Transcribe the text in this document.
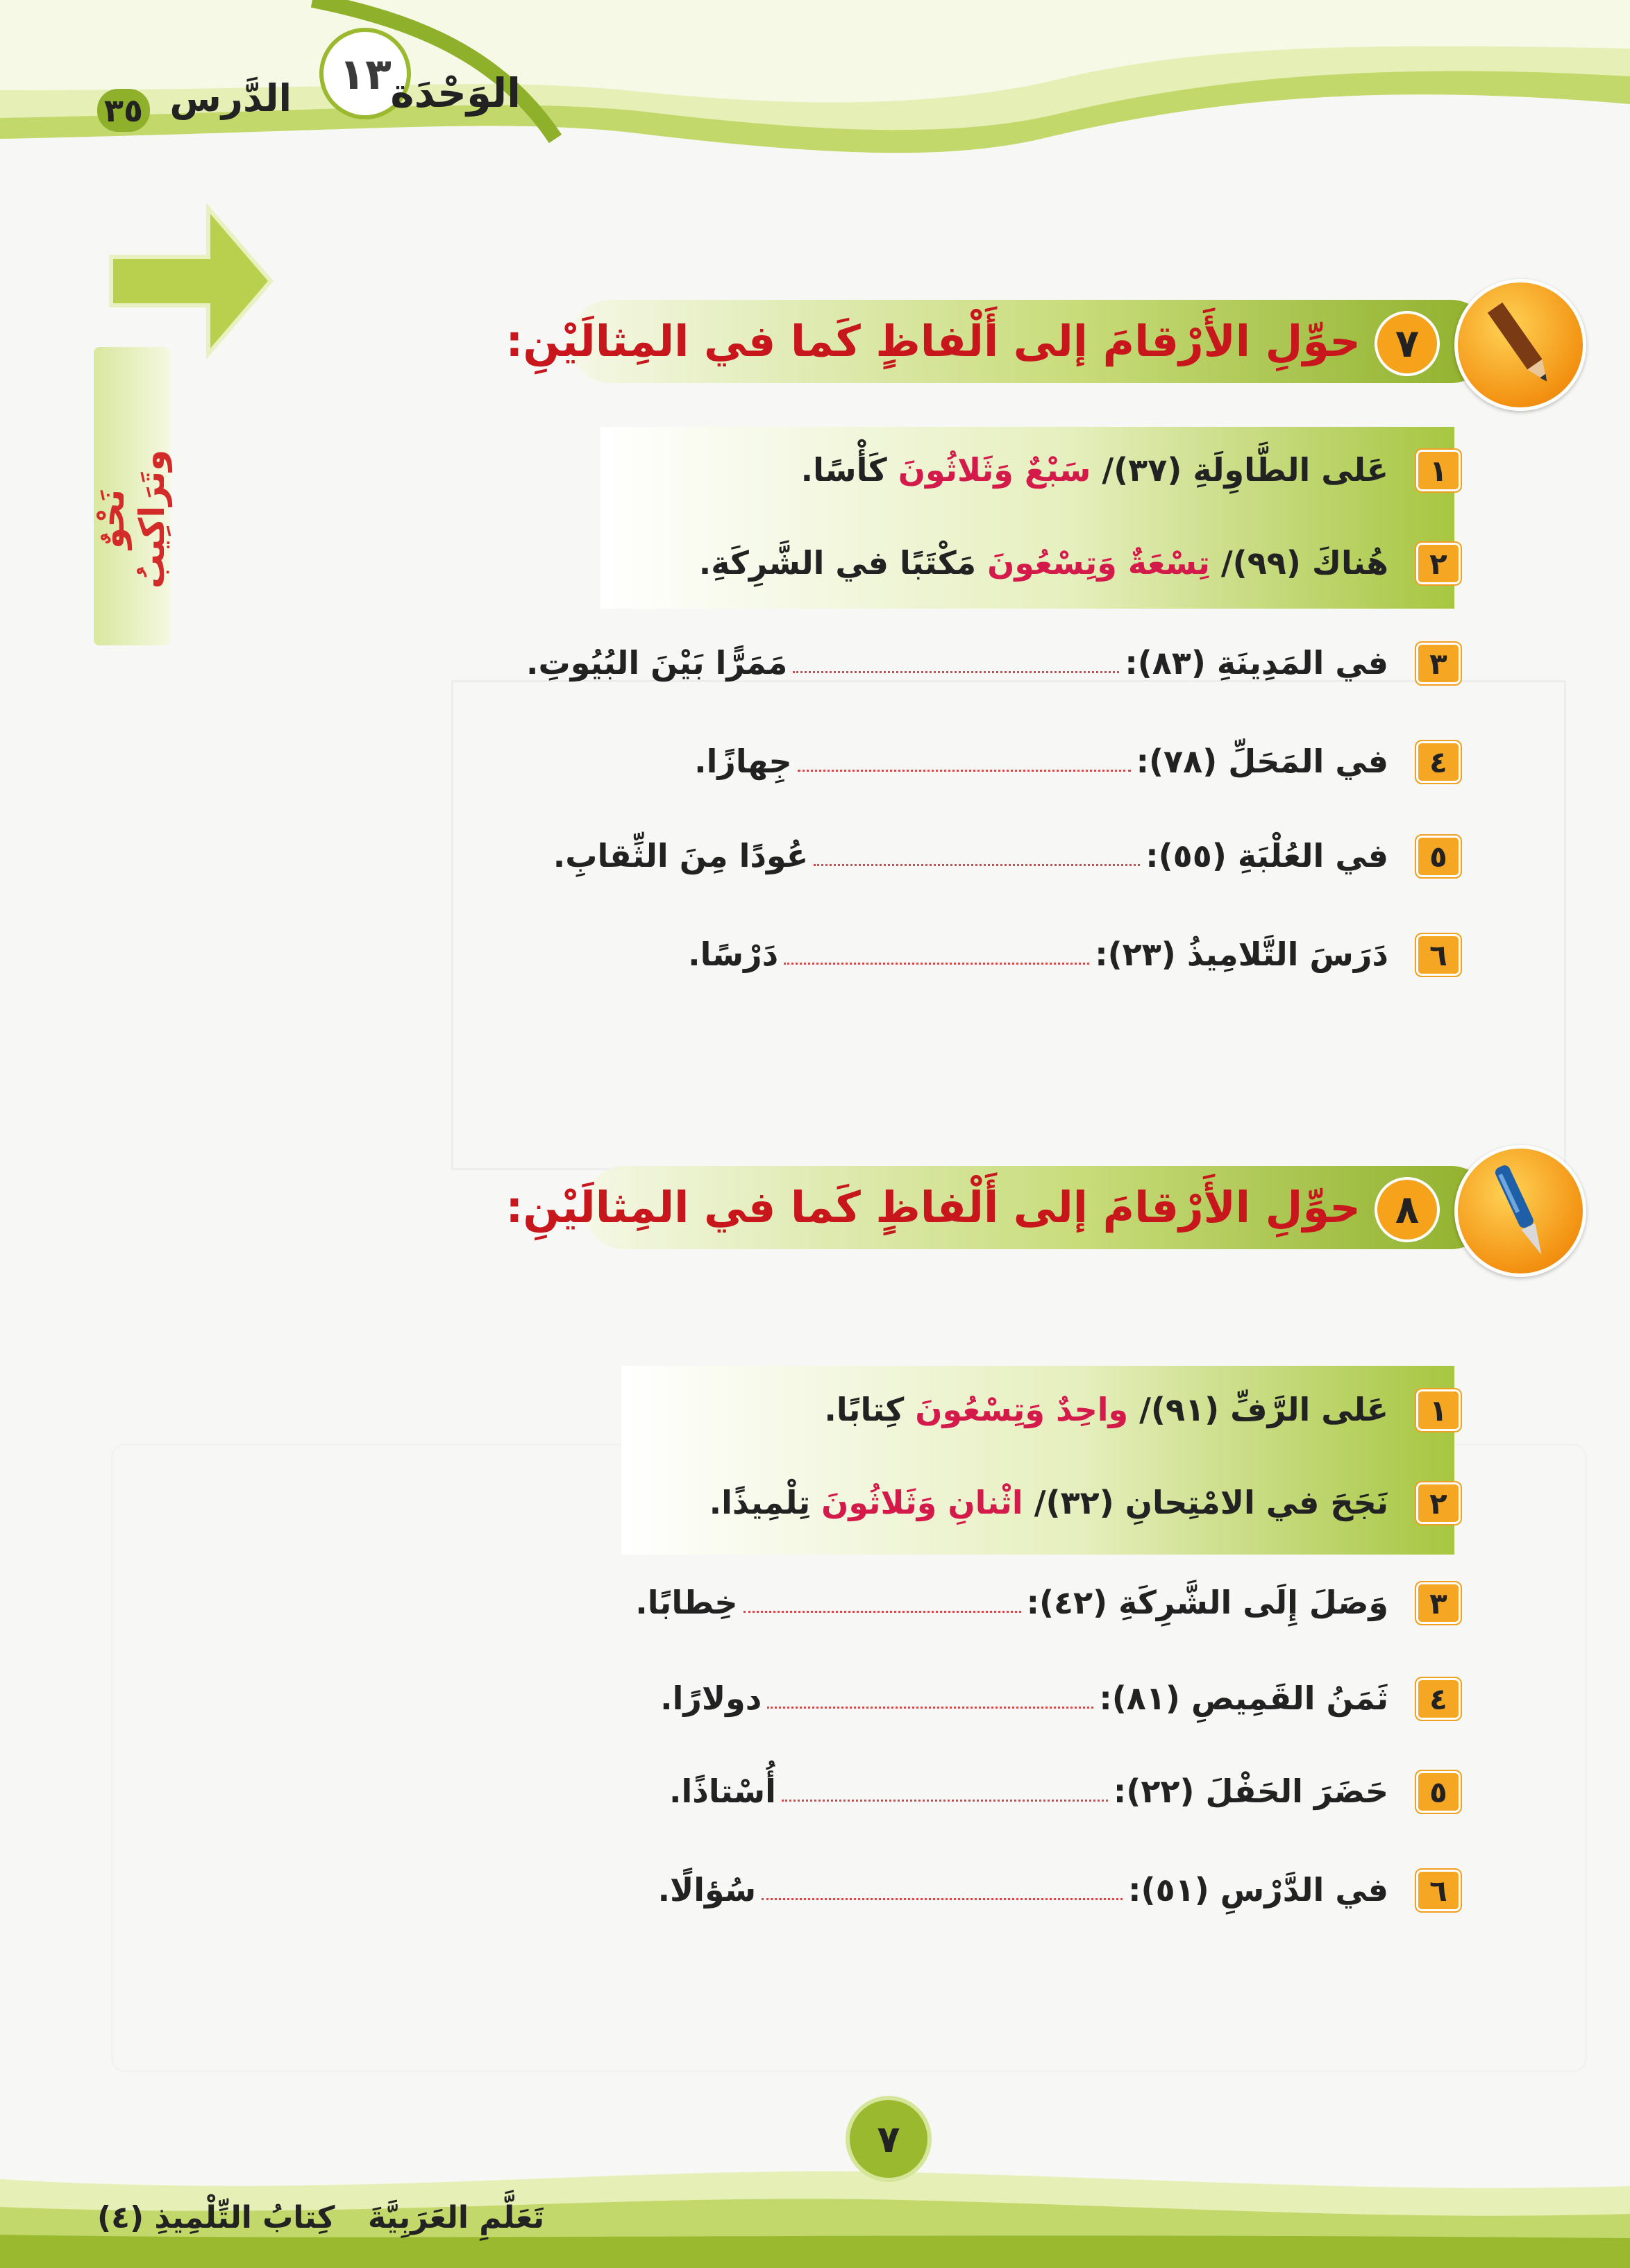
١٣
الوَحْدَة
الدَّرس
٣٥
نَحْوٌ وتَرَاكِيبُ
٧
حوِّلِ الأَرْقامَ إلى أَلْفاظٍ كَما في المِثالَيْنِ:
١
عَلى الطَّاوِلَةِ (٣٧)/ سَبْعٌ وَثَلاثُونَ كَأْسًا.
٢
هُناكَ (٩٩)/ تِسْعَةٌ وَتِسْعُونَ مَكْتَبًا في الشَّرِكَةِ.
٣
في المَدِينَةِ (٨٣):مَمَرًّا بَيْنَ البُيُوتِ.
٤
في المَحَلِّ (٧٨):جِهازًا.
٥
في العُلْبَةِ (٥٥):عُودًا مِنَ الثِّقابِ.
٦
دَرَسَ التَّلامِيذُ (٢٣):دَرْسًا.
٨
حوِّلِ الأَرْقامَ إلى أَلْفاظٍ كَما في المِثالَيْنِ:
١
عَلى الرَّفِّ (٩١)/ واحِدٌ وَتِسْعُونَ كِتابًا.
٢
نَجَحَ في الامْتِحانِ (٣٢)/ اثْنانِ وَثَلاثُونَ تِلْمِيذًا.
٣
وَصَلَ إِلَى الشَّرِكَةِ (٤٢):خِطابًا.
٤
ثَمَنُ القَمِيصِ (٨١):دولارًا.
٥
حَضَرَ الحَفْلَ (٢٢):أُسْتاذًا.
٦
في الدَّرْسِ (٥١):سُؤالًا.
٧
كِتابُ التِّلْمِيذِ (٤) تَعَلَّمِ العَرَبِيَّةَ
